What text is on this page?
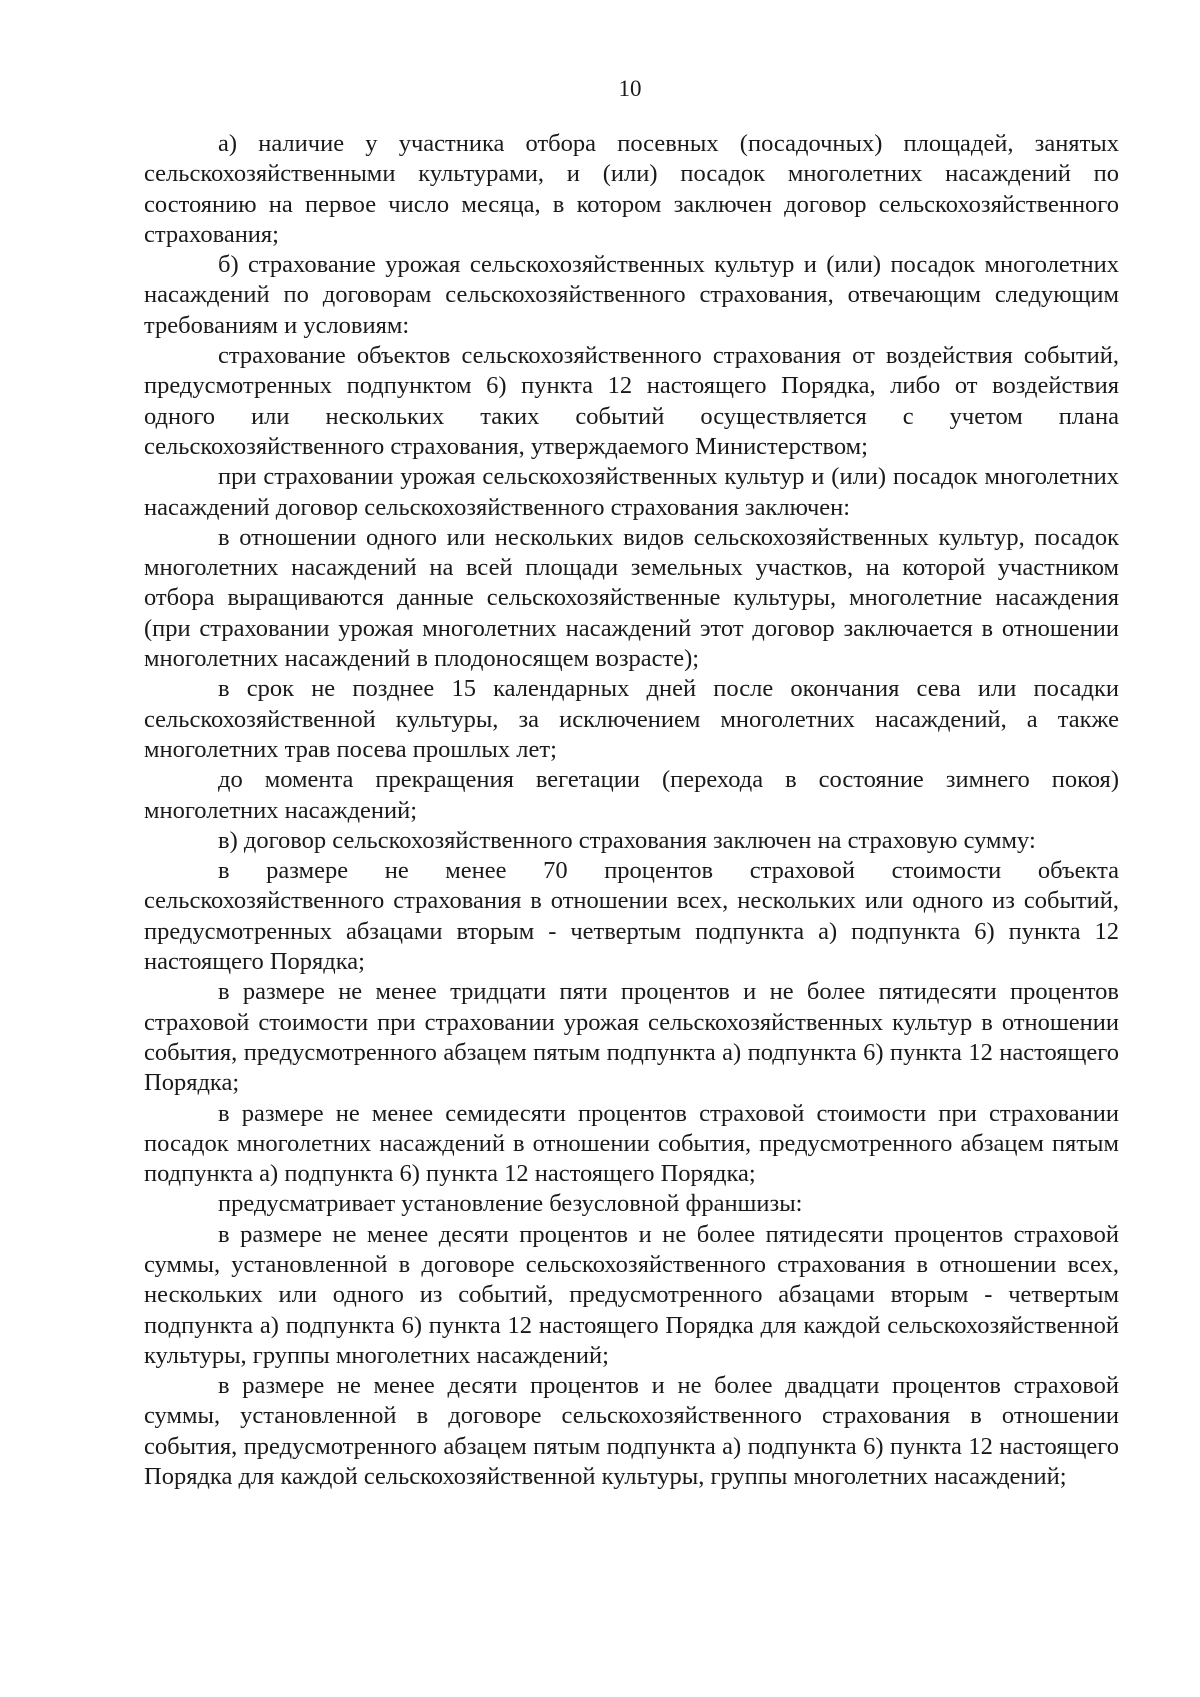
10

а) наличие у участника отбора посевных (посадочных) площадей, занятых сельскохозяйственными культурами, и (или) посадок многолетних насаждений по состоянию на первое число месяца, в котором заключен договор сельскохозяйственного страхования;

б) страхование урожая сельскохозяйственных культур и (или) посадок многолетних насаждений по договорам сельскохозяйственного страхования, отвечающим следующим требованиям и условиям:

страхование объектов сельскохозяйственного страхования от воздействия событий, предусмотренных подпунктом 6) пункта 12 настоящего Порядка, либо от воздействия одного или нескольких таких событий осуществляется с учетом плана сельскохозяйственного страхования, утверждаемого Министерством;

при страховании урожая сельскохозяйственных культур и (или) посадок многолетних насаждений договор сельскохозяйственного страхования заключен:

в отношении одного или нескольких видов сельскохозяйственных культур, посадок многолетних насаждений на всей площади земельных участков, на которой участником отбора выращиваются данные сельскохозяйственные культуры, многолетние насаждения (при страховании урожая многолетних насаждений этот договор заключается в отношении многолетних насаждений в плодоносящем возрасте);

в срок не позднее 15 календарных дней после окончания сева или посадки сельскохозяйственной культуры, за исключением многолетних насаждений, а также многолетних трав посева прошлых лет;

до момента прекращения вегетации (перехода в состояние зимнего покоя) многолетних насаждений;

в) договор сельскохозяйственного страхования заключен на страховую сумму:

в размере не менее 70 процентов страховой стоимости объекта сельскохозяйственного страхования в отношении всех, нескольких или одного из событий, предусмотренных абзацами вторым - четвертым подпункта а) подпункта 6) пункта 12 настоящего Порядка;

в размере не менее тридцати пяти процентов и не более пятидесяти процентов страховой стоимости при страховании урожая сельскохозяйственных культур в отношении события, предусмотренного абзацем пятым подпункта а) подпункта 6) пункта 12 настоящего Порядка;

в размере не менее семидесяти процентов страховой стоимости при страховании посадок многолетних насаждений в отношении события, предусмотренного абзацем пятым подпункта а) подпункта 6) пункта 12 настоящего Порядка;

предусматривает установление безусловной франшизы:

в размере не менее десяти процентов и не более пятидесяти процентов страховой суммы, установленной в договоре сельскохозяйственного страхования в отношении всех, нескольких или одного из событий, предусмотренного абзацами вторым - четвертым подпункта а) подпункта 6) пункта 12 настоящего Порядка для каждой сельскохозяйственной культуры, группы многолетних насаждений;

в размере не менее десяти процентов и не более двадцати процентов страховой суммы, установленной в договоре сельскохозяйственного страхования в отношении события, предусмотренного абзацем пятым подпункта а) подпункта 6) пункта 12 настоящего Порядка для каждой сельскохозяйственной культуры, группы многолетних насаждений;
